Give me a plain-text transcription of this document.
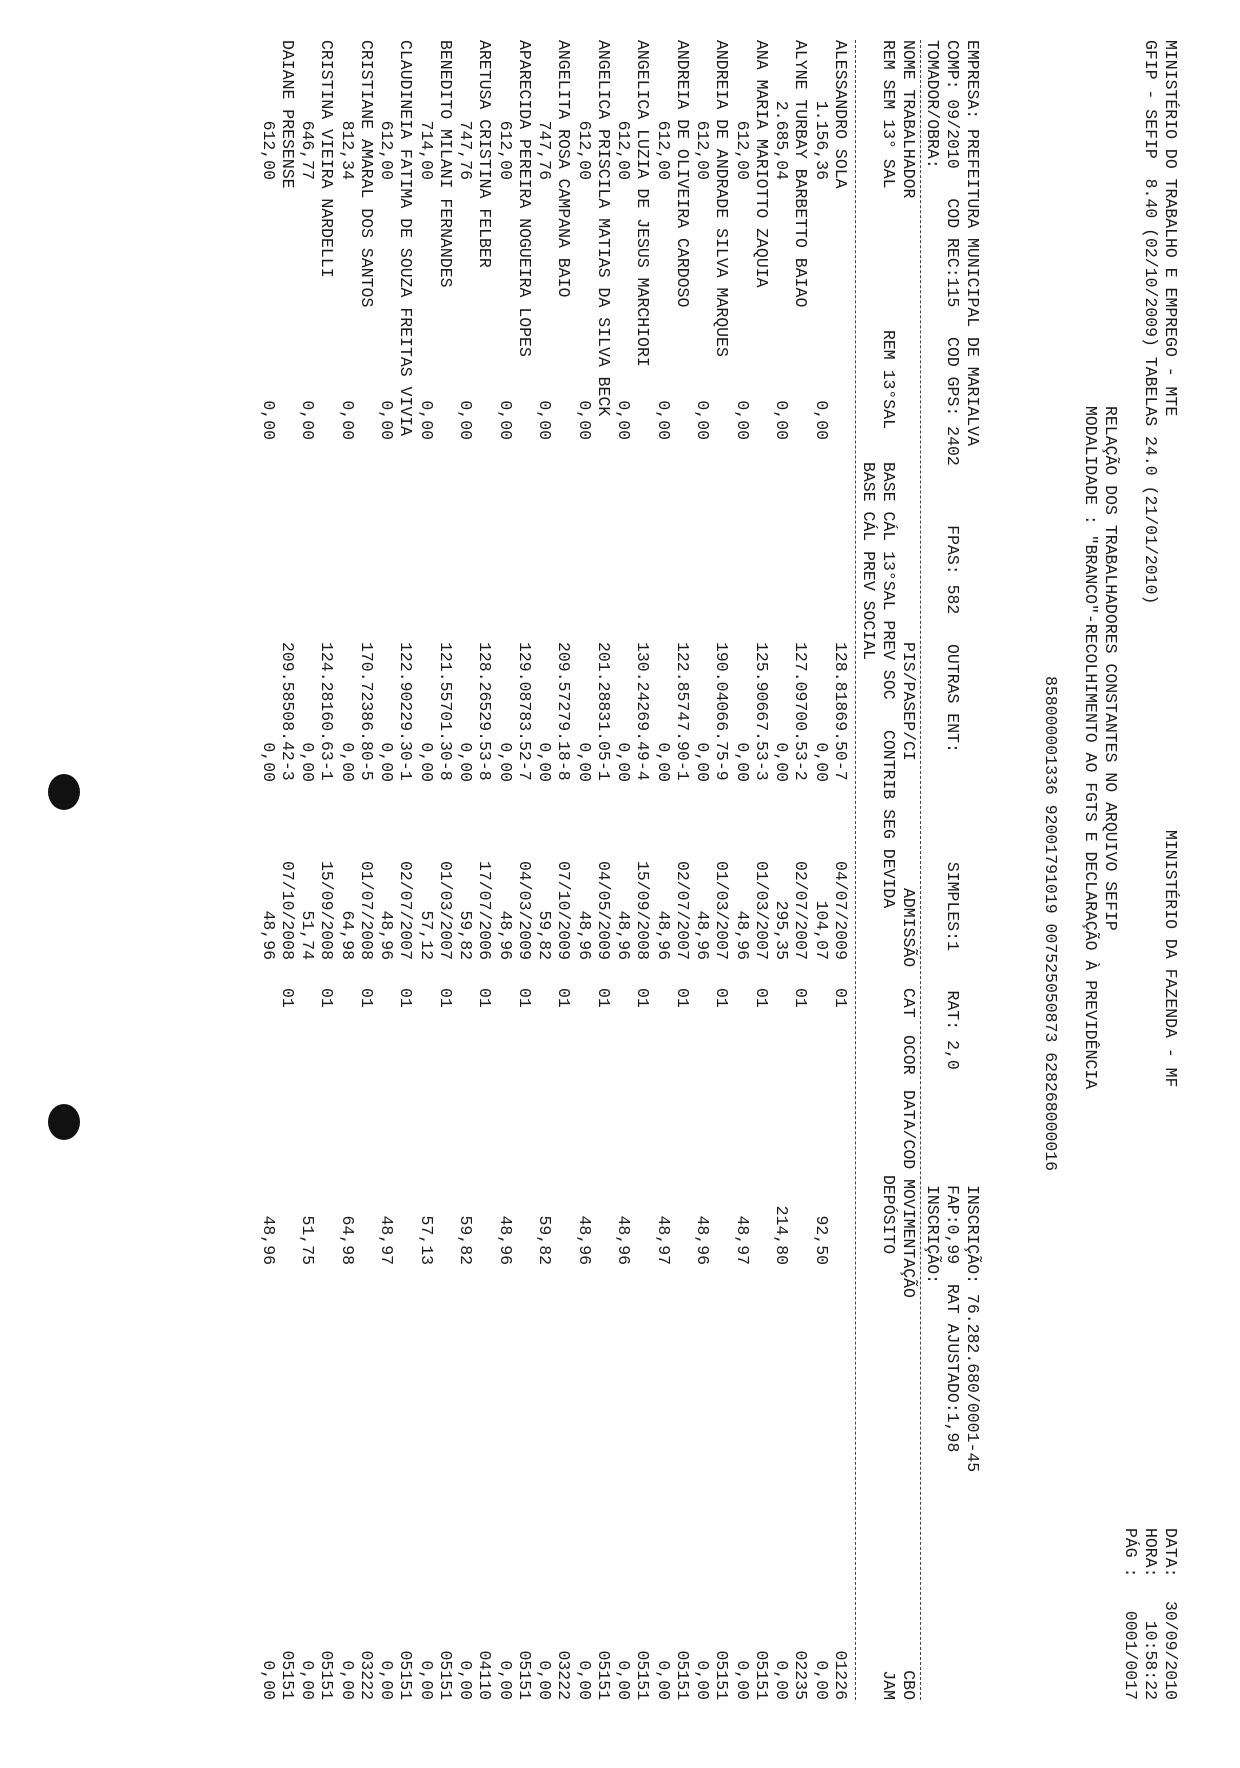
MINISTÉRIO DO TRABALHO E EMPREGO - MTE
MINISTÉRIO DA FAZENDA - MF
DATA:
30/09/2010
GFIP - SEFIP  8.40 (02/10/2009) TABELAS 24.0 (21/01/2010)
HORA:
10:58:22
PÁG :
0001/0017
RELAÇÃO DOS TRABALHADORES CONSTANTES NO ARQUIVO SEFIP
MODALIDADE : "BRANCO"-RECOLHIMENTO AO FGTS E DECLARAÇÃO À PREVIDÊNCIA
85800000133​6 92001791019 00752505087​3 62826800001​6
EMPRESA: PREFEITURA MUNICIPAL DE MARIALVA
INSCRIÇÃO: 76.282.680/0001-45
COMP: 09/2010   COD REC:115   COD GPS: 2402      FPAS: 582   OUTRAS ENT:           SIMPLES:1    RAT: 2,0
FAP:0,99  RAT AJUSTADO:1,98
TOMADOR/OBRA:
INSCRIÇÃO:
NOME TRABALHADOR
PIS/PASEP/CI
ADMISSÃO
CAT
OCOR
DATA/COD MOVIMENTAÇÃO
CBO
REM SEM 13° SAL
REM 13°SAL
BASE CÁL 13°SAL PREV SOC
CONTRIB SEG DEVIDA
DEPÓSITO
JAM
BASE CÁL PREV SOCIAL
ALESSANDRO SOLA
128.81869.50-7
04/07/2009
01
01226
1.156,36
0,00
0,00
104,07
92,50
0,00
ALYNE TURBAY BARBETTO BAIAO
127.09700.53-2
02/07/2007
01
02235
2.685,04
0,00
0,00
295,35
214,80
0,00
ANA MARIA MARIOTTO ZAQUIA
125.90667.53-3
01/03/2007
01
05151
612,00
0,00
0,00
48,96
48,97
0,00
ANDREIA DE ANDRADE SILVA MARQUES
190.04066.75-9
01/03/2007
01
05151
612,00
0,00
0,00
48,96
48,96
0,00
ANDREIA DE OLIVEIRA CARDOSO
122.85747.90-1
02/07/2007
01
05151
612,00
0,00
0,00
48,96
48,97
0,00
ANGELICA LUZIA DE JESUS MARCHIORI
130.24269.49-4
15/09/2008
01
05151
612,00
0,00
0,00
48,96
48,96
0,00
ANGELICA PRISCILA MATIAS DA SILVA BECK
201.28831.05-1
04/05/2009
01
05151
612,00
0,00
0,00
48,96
48,96
0,00
ANGELITA ROSA CAMPANA BAIO
209.57279.18-8
07/10/2009
01
03222
747,76
0,00
0,00
59,82
59,82
0,00
APARECIDA PEREIRA NOGUEIRA LOPES
129.08783.52-7
04/03/2009
01
05151
612,00
0,00
0,00
48,96
48,96
0,00
ARETUSA CRISTINA FELBER
128.26529.53-8
17/07/2006
01
04110
747,76
0,00
0,00
59,82
59,82
0,00
BENEDITO MILANI FERNANDES
121.55701.30-8
01/03/2007
01
05151
714,00
0,00
0,00
57,12
57,13
0,00
CLAUDINEIA FATIMA DE SOUZA FREITAS VIVIA
122.90229.30-1
02/07/2007
01
05151
612,00
0,00
0,00
48,96
48,97
0,00
CRISTIANE AMARAL DOS SANTOS
170.72386.80-5
01/07/2008
01
03222
812,34
0,00
0,00
64,98
64,98
0,00
CRISTINA VIEIRA NARDELLI
124.28160.63-1
15/09/2008
01
05151
646,77
0,00
0,00
51,74
51,75
0,00
DAIANE PRESENSE
209.58508.42-3
07/10/2008
01
05151
612,00
0,00
0,00
48,96
48,96
0,00
